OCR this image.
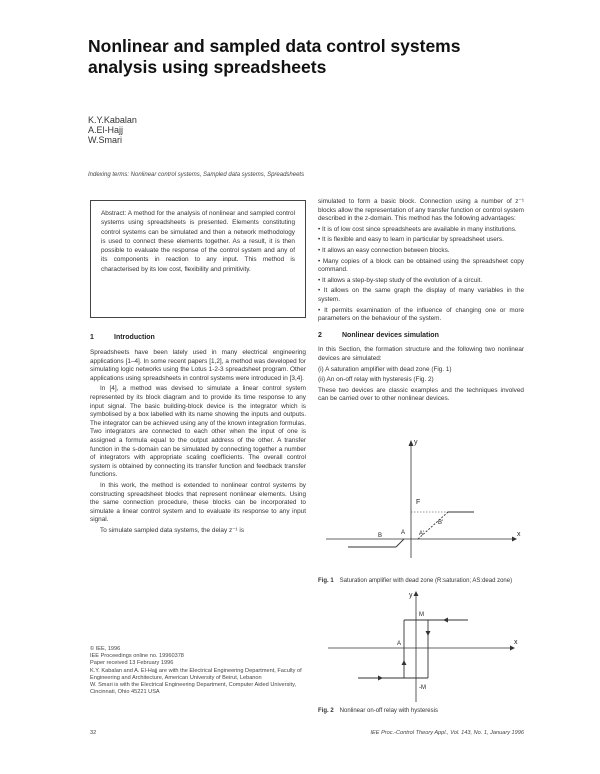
Nonlinear and sampled data control systems analysis using spreadsheets
K.Y.Kabalan
A.El-Hajj
W.Smari
Indexing terms: Nonlinear control systems, Sampled data systems, Spreadsheets
Abstract: A method for the analysis of nonlinear and sampled control systems using spreadsheets is presented. Elements constituting control systems can be simulated and then a network methodology is used to connect these elements together. As a result, it is then possible to evaluate the response of the control system and any of its components in reaction to any input. This method is characterised by its low cost, flexibility and primitivity.
1	Introduction

Spreadsheets have been lately used in many electrical engineering applications [1–4]. In some recent papers [1,2], a method was developed for simulating logic networks using the Lotus 1-2-3 spreadsheet program. Other applications using spreadsheets in control systems were introduced in [3,4].

In [4], a method was devised to simulate a linear control system represented by its block diagram and to provide its time response to any input signal. The basic building-block device is the integrator which is symbolised by a box labelled with its name showing the inputs and outputs. The integrator can be achieved using any of the known integration formulas. Two integrators are connected to each other when the input of one is assigned a formula equal to the output address of the other. A transfer function in the s-domain can be simulated by connecting together a number of integrators with appropriate scaling coefficients. The overall control system is obtained by connecting its transfer function and feedback transfer functions.

In this work, the method is extended to nonlinear control systems by constructing spreadsheet blocks that represent nonlinear elements. Using the same connection procedure, these blocks can be incorporated to simulate a linear control system and to evaluate its response to any input signal.

To simulate sampled data systems, the delay z⁻¹ is

© IEE, 1996
IEE Proceedings online no. 19960378
Paper received 13 February 1996
K.Y. Kabalan and A. El-Hajj are with the Electrical Engineering Department, Faculty of Engineering and Architecture, American University of Beirut, Lebanon
W. Smari is with the Electrical Engineering Department, Computer Aided University, Cincinnati, Ohio 45221 USA

simulated to form a basic block. Connection using a number of z⁻¹ blocks allow the representation of any transfer function or control system described in the z-domain. This method has the following advantages:

• It is of low cost since spreadsheets are available in many institutions.
• It is flexible and easy to learn in particular by spreadsheet users.
• It allows an easy connection between blocks.
• Many copies of a block can be obtained using the spreadsheet copy command.
• It allows a step-by-step study of the evolution of a circuit.
• It allows on the same graph the display of many variables in the system.
• It permits examination of the influence of changing one or more parameters on the behaviour of the system.
2	Nonlinear devices simulation

In this Section, the formation structure and the following two nonlinear devices are simulated:

(i) A saturation amplifier with dead zone (Fig. 1)

(ii) An on-off relay with hysteresis (Fig. 2)

These two devices are classic examples and the techniques involved can be carried over to other nonlinear devices.

F
x
A
B
y
A'
B'
Fig. 1 Saturation amplifier with dead zone (R:saturation; AS:dead zone)
y
M
A	x
-M
Fig. 2 Nonlinear on-off relay with hysteresis
32	IEE Proc.-Control Theory Appl., Vol. 143, No. 1, January 1996
